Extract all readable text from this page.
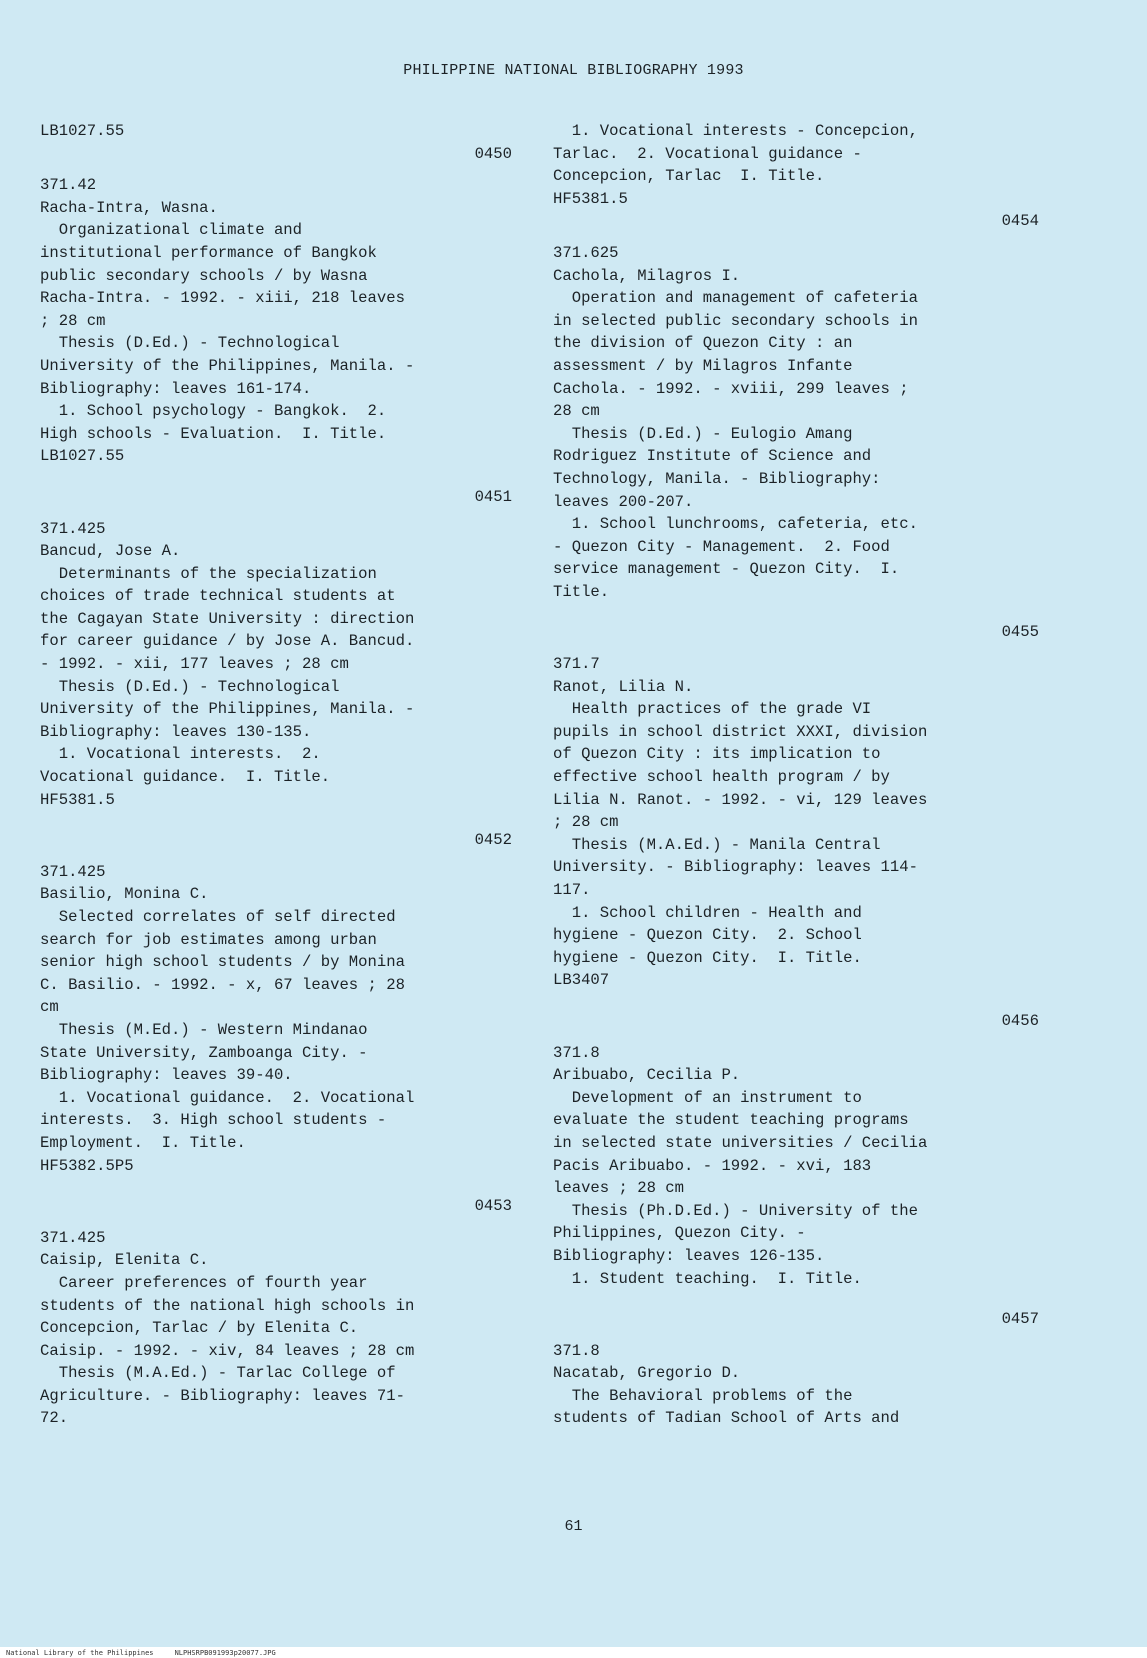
PHILIPPINE NATIONAL BIBLIOGRAPHY 1993
LB1027.55
0450
371.42
Racha-Intra, Wasna.
Organizational climate and
institutional performance of Bangkok
public secondary schools / by Wasna
Racha-Intra. - 1992. - xiii, 218 leaves
; 28 cm
Thesis (D.Ed.) - Technological
University of the Philippines, Manila. -
Bibliography: leaves 161-174.
1. School psychology - Bangkok.  2.
High schools - Evaluation.  I. Title.
LB1027.55
0451
371.425
Bancud, Jose A.
Determinants of the specialization
choices of trade technical students at
the Cagayan State University : direction
for career guidance / by Jose A. Bancud.
- 1992. - xii, 177 leaves ; 28 cm
Thesis (D.Ed.) - Technological
University of the Philippines, Manila. -
Bibliography: leaves 130-135.
1. Vocational interests.  2.
Vocational guidance.  I. Title.
HF5381.5
0452
371.425
Basilio, Monina C.
Selected correlates of self directed
search for job estimates among urban
senior high school students / by Monina
C. Basilio. - 1992. - x, 67 leaves ; 28
cm
Thesis (M.Ed.) - Western Mindanao
State University, Zamboanga City. -
Bibliography: leaves 39-40.
1. Vocational guidance.  2. Vocational
interests.  3. High school students -
Employment.  I. Title.
HF5382.5P5
0453
371.425
Caisip, Elenita C.
Career preferences of fourth year
students of the national high schools in
Concepcion, Tarlac / by Elenita C.
Caisip. - 1992. - xiv, 84 leaves ; 28 cm
Thesis (M.A.Ed.) - Tarlac College of
Agriculture. - Bibliography: leaves 71-
72.
1. Vocational interests - Concepcion,
Tarlac.  2. Vocational guidance -
Concepcion, Tarlac  I. Title.
HF5381.5
0454
371.625
Cachola, Milagros I.
Operation and management of cafeteria
in selected public secondary schools in
the division of Quezon City : an
assessment / by Milagros Infante
Cachola. - 1992. - xviii, 299 leaves ;
28 cm
Thesis (D.Ed.) - Eulogio Amang
Rodriguez Institute of Science and
Technology, Manila. - Bibliography:
leaves 200-207.
1. School lunchrooms, cafeteria, etc.
- Quezon City - Management.  2. Food
service management - Quezon City.  I.
Title.
0455
371.7
Ranot, Lilia N.
Health practices of the grade VI
pupils in school district XXXI, division
of Quezon City : its implication to
effective school health program / by
Lilia N. Ranot. - 1992. - vi, 129 leaves
; 28 cm
Thesis (M.A.Ed.) - Manila Central
University. - Bibliography: leaves 114-
117.
1. School children - Health and
hygiene - Quezon City.  2. School
hygiene - Quezon City.  I. Title.
LB3407
0456
371.8
Aribuabo, Cecilia P.
Development of an instrument to
evaluate the student teaching programs
in selected state universities / Cecilia
Pacis Aribuabo. - 1992. - xvi, 183
leaves ; 28 cm
Thesis (Ph.D.Ed.) - University of the
Philippines, Quezon City. -
Bibliography: leaves 126-135.
1. Student teaching.  I. Title.
0457
371.8
Nacatab, Gregorio D.
The Behavioral problems of the
students of Tadian School of Arts and
61
National Library of the Philippines     NLPHSRPB091993p20077.JPG
